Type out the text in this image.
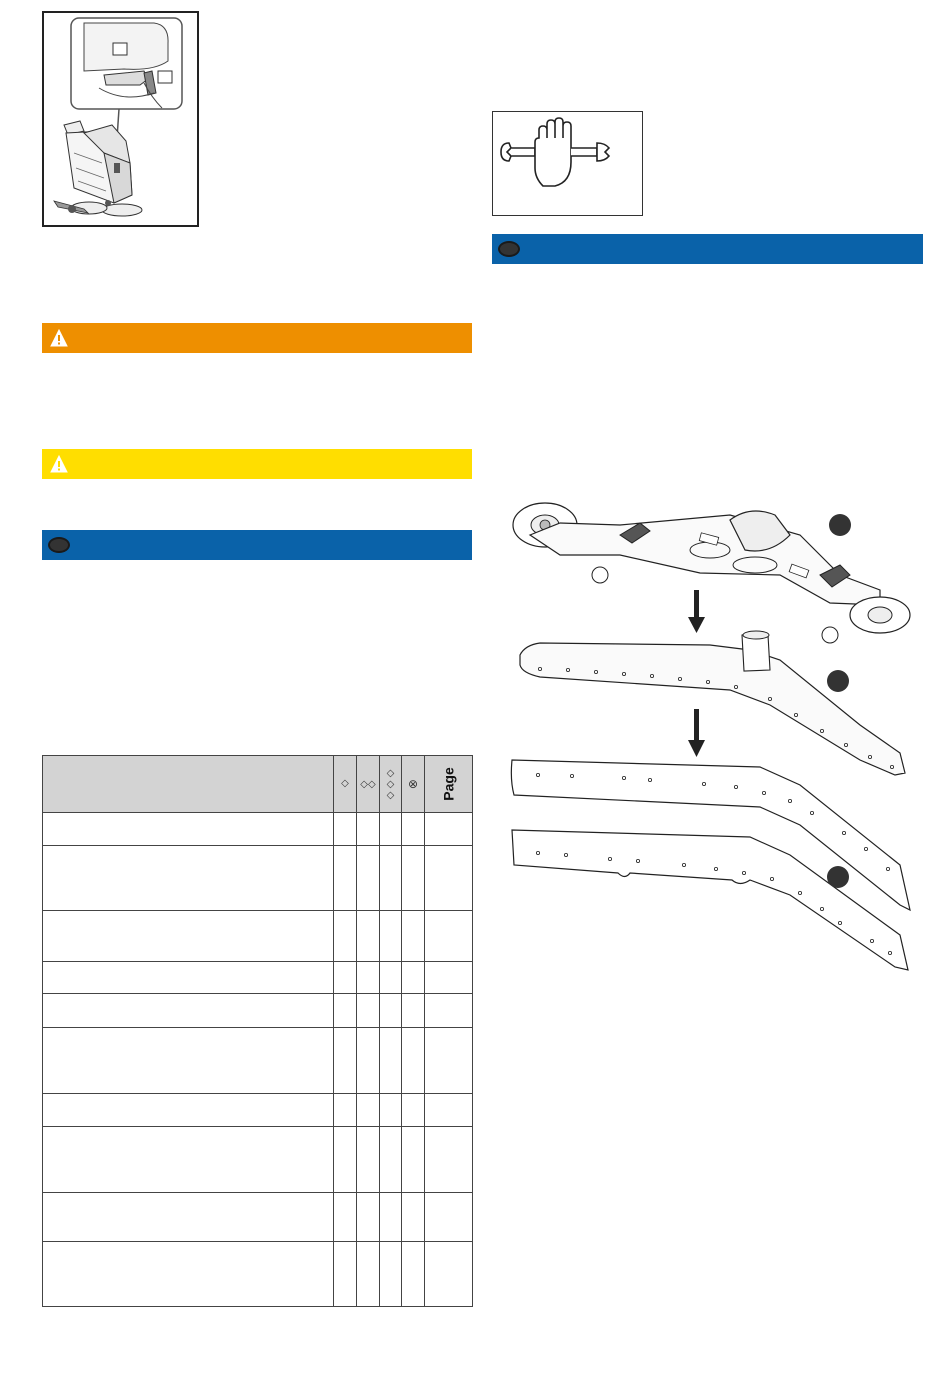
	◇	◇◇	◇◇◇	⊗	Page
